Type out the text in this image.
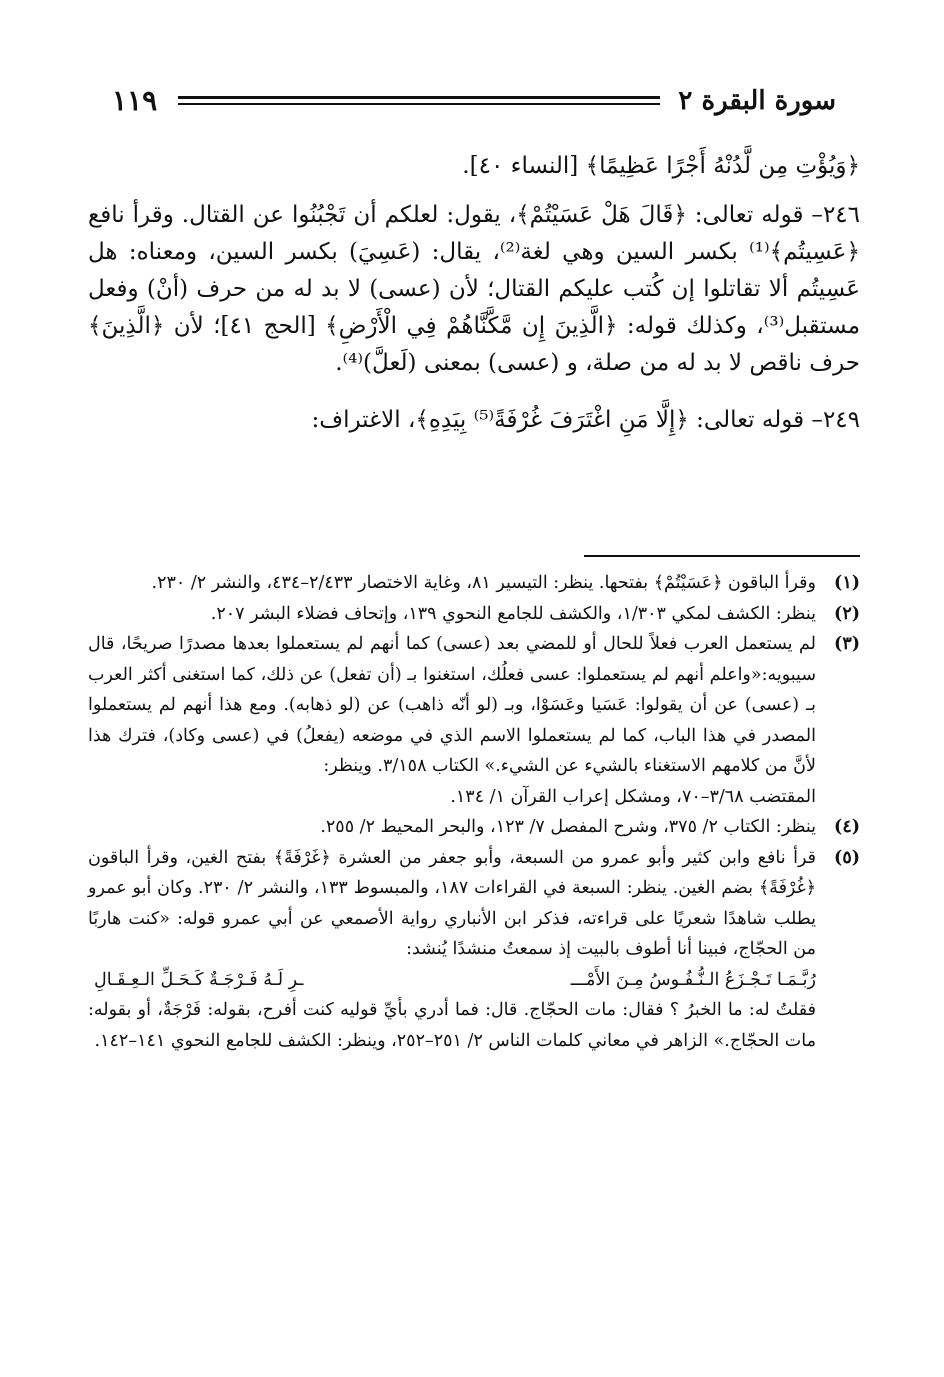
سورة البقرة ٢
١١٩

﴿وَيُؤْتِ مِن لَّدُنْهُ أَجْرًا عَظِيمًا﴾ [النساء ٤٠].

٢٤٦– قوله تعالى: ﴿قَالَ هَلْ عَسَيْتُمْ﴾، يقول: لعلكم أن تَجْبُنُوا عن القتال. وقرأ نافع ﴿عَسِيتُم﴾⁽¹⁾ بكسر السين وهي لغة⁽²⁾، يقال: (عَسِيَ) بكسر السين، ومعناه: هل عَسِيتُم ألا تقاتلوا إن كُتب عليكم القتال؛ لأن (عسى) لا بد له من حرف (أنْ) وفعل مستقبل⁽³⁾، وكذلك قوله: ﴿الَّذِينَ إِن مَّكَّنَّاهُمْ فِي الْأَرْضِ﴾ [الحج ٤١]؛ لأن ﴿الَّذِينَ﴾ حرف ناقص لا بد له من صلة، و (عسى) بمعنى (لَعلَّ)⁽⁴⁾.

٢٤٩– قوله تعالى: ﴿إِلَّا مَنِ اغْتَرَفَ غُرْفَةً⁽⁵⁾ بِيَدِهِ﴾، الاغتراف:

(١)
وقرأ الباقون ﴿عَسَيْتُمْ﴾ بفتحها. ينظر: التيسير ٨١، وغاية الاختصار ٢/٤٣٣–٤٣٤، والنشر ٢/ ٢٣٠.
(٢)
ينظر: الكشف لمكي ١/٣٠٣، والكشف للجامع النحوي ١٣٩، وإتحاف فضلاء البشر ٢٠٧.
(٣)
لم يستعمل العرب فعلاً للحال أو للمضي بعد (عسى) كما أنهم لم يستعملوا بعدها مصدرًا صريحًا، قال سيبويه:«واعلم أنهم لم يستعملوا: عسى فعلُك، استغنوا بـ (أن تفعل) عن ذلك، كما استغنى أكثر العرب بـ (عسى) عن أن يقولوا: عَسَيا وعَسَوْا، وبـ (لو أنّه ذاهب) عن (لو ذهابه). ومع هذا أنهم لم يستعملوا المصدر في هذا الباب، كما لم يستعملوا الاسم الذي في موضعه (يفعلُ) في (عسى وكاد)، فترك هذا لأنَّ من كلامهم الاستغناء بالشيء عن الشيء.» الكتاب ٣/١٥٨. وينظر:
المقتضب ٣/٦٨–٧٠، ومشكل إعراب القرآن ١/ ١٣٤.
(٤)
ينظر: الكتاب ٢/ ٣٧٥، وشرح المفصل ٧/ ١٢٣، والبحر المحيط ٢/ ٢٥٥.
(٥)
قرأ نافع وابن كثير وأبو عمرو من السبعة، وأبو جعفر من العشرة ﴿غَرْفَةً﴾ بفتح الغين، وقرأ الباقون ﴿غُرْفَةً﴾ بضم الغين. ينظر: السبعة في القراءات ١٨٧، والمبسوط ١٣٣، والنشر ٢/ ٢٣٠. وكان أبو عمرو يطلب شاهدًا شعريًا على قراءته، فذكر ابن الأنباري رواية الأصمعي عن أبي عمرو قوله: «كنت هاربًا من الحجّاج، فبينا أنا أطوف بالبيت إذ سمعتُ منشدًا يُنشد:
رُبَّـمَـا تَـجْـزَعُ الـنُّـفُـوسُ مِـنَ الأَمْـــ
ـرِ لَـهُ فَـرْجَـةٌ كَـحَـلِّ الـعِـقَـالِ
فقلتُ له: ما الخبرُ ؟ فقال: مات الحجّاج. قال: فما أدري بأيِّ قوليه كنت أفرح، بقوله: فَرْجَةٌ، أو بقوله: مات الحجّاج.» الزاهر في معاني كلمات الناس ٢/ ٢٥١–٢٥٢، وينظر: الكشف للجامع النحوي ١٤١–١٤٢.
